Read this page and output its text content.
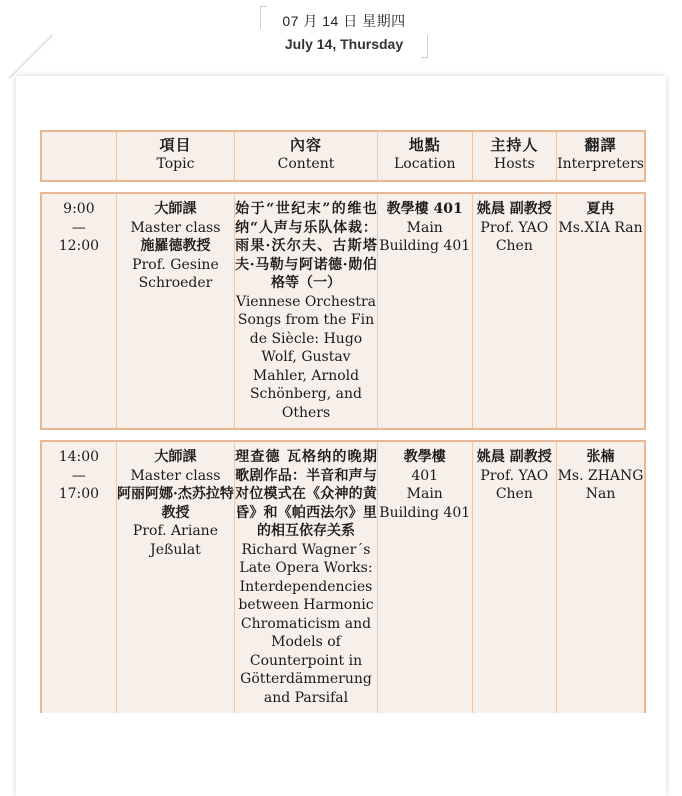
07 月 14 日 星期四
July 14, Thursday

	項目
Topic	內容
Content	地點
Location	主持人
Hosts	翻譯
Interpreters

9:00
—
12:00	大師課
Master class
施羅德教授
Prof. Gesine Schroeder	始于“世纪末”的维也纳“人声与乐队体裁：雨果·沃尔夫、古斯塔夫·马勒与阿诺德·勋伯格等（一）
Viennese Orchestra Songs from the Fin de Siècle: Hugo Wolf, Gustav Mahler, Arnold Schönberg, and Others	教學樓 401
Main Building 401	姚晨 副教授
Prof. YAO Chen	夏冉
Ms.XIA Ran

14:00
—
17:00	大師課
Master class
阿丽阿娜·杰苏拉特 教授
Prof. Ariane Jeßulat	理查德 瓦格纳的晚期歌剧作品：半音和声与对位模式在《众神的黄昏》和《帕西法尔》里的相互依存关系
Richard Wagner´s Late Opera Works: Interdependencies between Harmonic Chromaticism and Models of Counterpoint in Götterdämmerung and Parsifal	教學樓
401
Main Building 401	姚晨 副教授
Prof. YAO Chen	张楠
Ms. ZHANG Nan
